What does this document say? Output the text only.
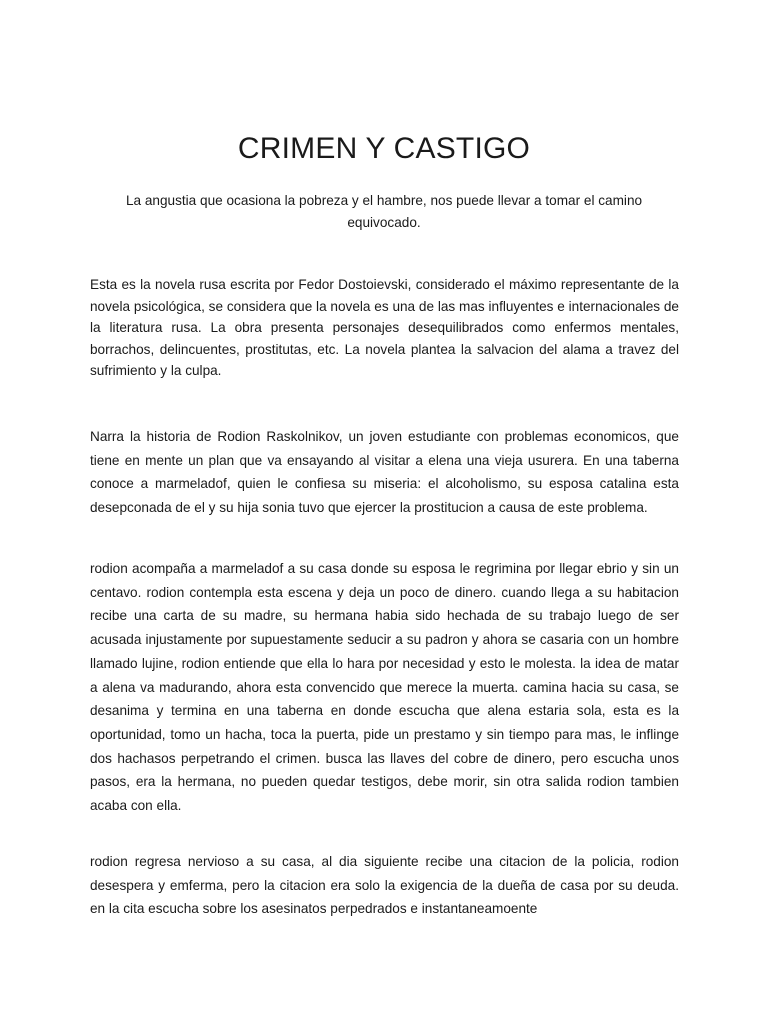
CRIMEN Y CASTIGO

La angustia que ocasiona la pobreza y el hambre, nos puede llevar a tomar el camino equivocado.

Esta es la novela rusa escrita por Fedor Dostoievski, considerado el máximo representante de la novela psicológica, se considera que la novela es una de las mas influyentes e internacionales de la literatura rusa. La obra presenta personajes desequilibrados como enfermos mentales, borrachos, delincuentes, prostitutas, etc. La novela plantea la salvacion del alama a travez del sufrimiento y la culpa.

Narra la historia de Rodion Raskolnikov, un joven estudiante con problemas economicos, que tiene en mente un plan que va ensayando al visitar a elena una vieja usurera. En una taberna conoce a marmeladof, quien le confiesa su miseria: el alcoholismo, su esposa catalina esta desepconada de el y su hija sonia tuvo que ejercer la prostitucion a causa de este problema.

rodion acompaña a marmeladof a su casa donde su esposa le regrimina por llegar ebrio y sin un centavo. rodion contempla esta escena y deja un poco de dinero. cuando llega a su habitacion recibe una carta de su madre, su hermana habia sido hechada de su trabajo luego de ser acusada injustamente por supuestamente seducir a su padron y ahora se casaria con un hombre llamado lujine, rodion entiende que ella lo hara por necesidad y esto le molesta. la idea de matar a alena va madurando, ahora esta convencido que merece la muerta. camina hacia su casa, se desanima y termina en una taberna en donde escucha que alena estaria sola, esta es la oportunidad, tomo un hacha, toca la puerta, pide un prestamo y sin tiempo para mas, le inflinge dos hachasos perpetrando el crimen. busca las llaves del cobre de dinero, pero escucha unos pasos, era la hermana, no pueden quedar testigos, debe morir, sin otra salida rodion tambien acaba con ella.

rodion regresa nervioso a su casa, al dia siguiente recibe una citacion de la policia, rodion desespera y emferma, pero la citacion era solo la exigencia de la dueña de casa por su deuda. en la cita escucha sobre los asesinatos perpedrados e instantaneamoente
